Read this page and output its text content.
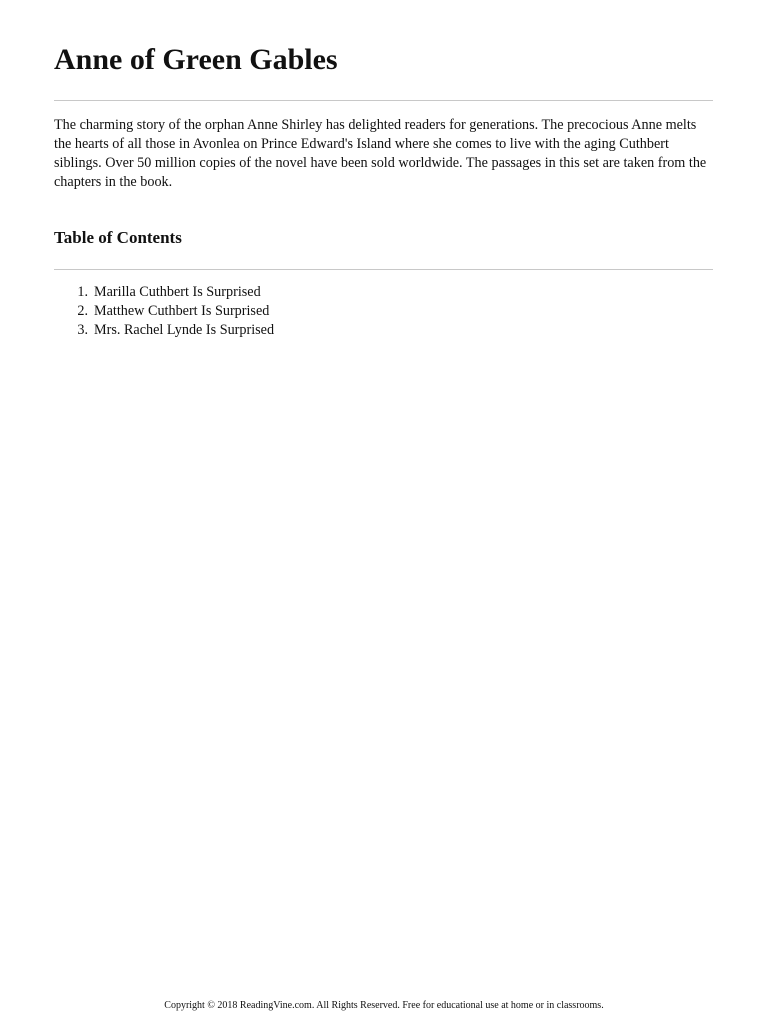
Anne of Green Gables

The charming story of the orphan Anne Shirley has delighted readers for generations. The precocious Anne melts the hearts of all those in Avonlea on Prince Edward's Island where she comes to live with the aging Cuthbert siblings. Over 50 million copies of the novel have been sold worldwide. The passages in this set are taken from the chapters in the book.

Table of Contents
1. Marilla Cuthbert Is Surprised
2. Matthew Cuthbert Is Surprised
3. Mrs. Rachel Lynde Is Surprised
Copyright © 2018 ReadingVine.com. All Rights Reserved. Free for educational use at home or in classrooms.
